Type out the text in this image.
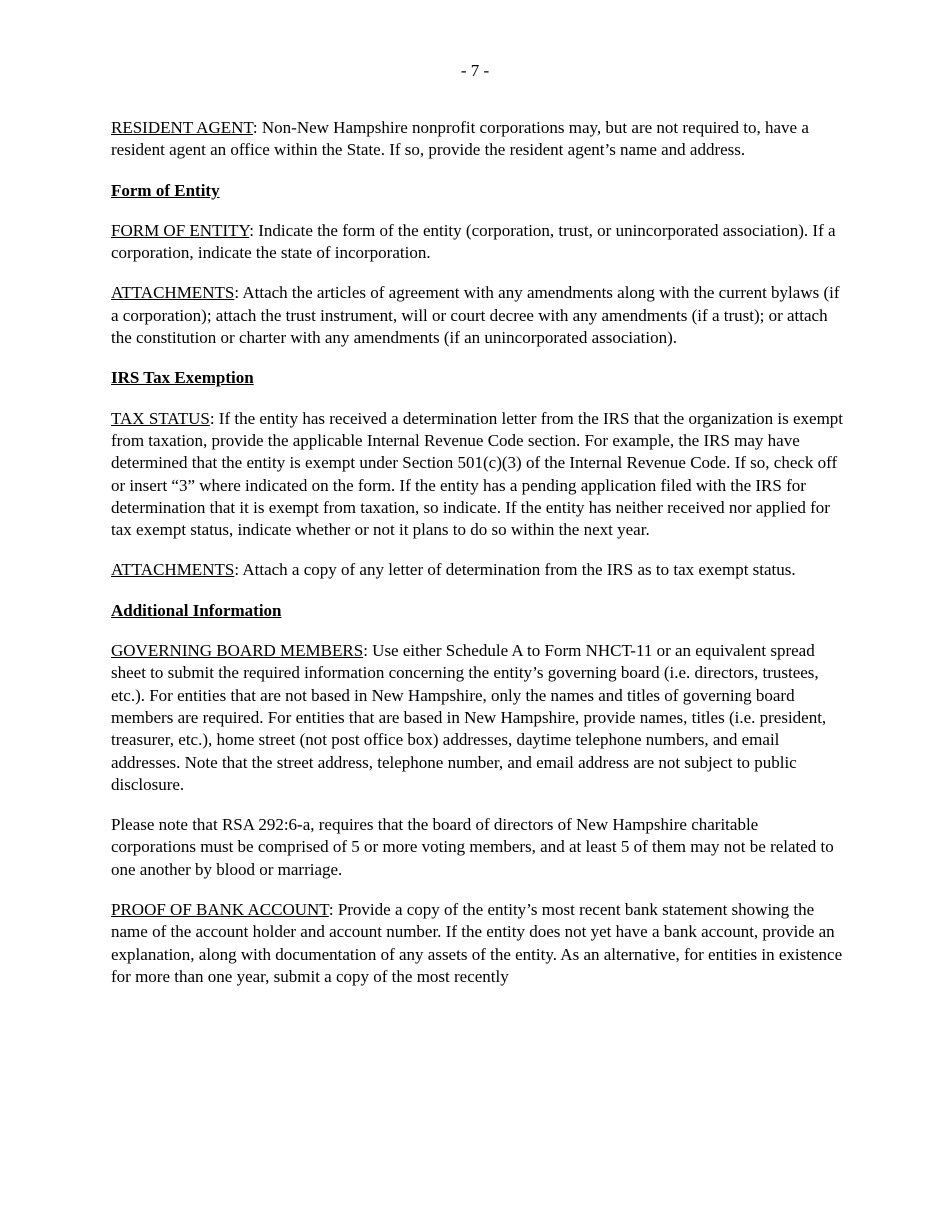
- 7 -

RESIDENT AGENT: Non-New Hampshire nonprofit corporations may, but are not required to, have a resident agent an office within the State. If so, provide the resident agent’s name and address.

Form of Entity

FORM OF ENTITY: Indicate the form of the entity (corporation, trust, or unincorporated association). If a corporation, indicate the state of incorporation.

ATTACHMENTS: Attach the articles of agreement with any amendments along with the current bylaws (if a corporation); attach the trust instrument, will or court decree with any amendments (if a trust); or attach the constitution or charter with any amendments (if an unincorporated association).

IRS Tax Exemption

TAX STATUS: If the entity has received a determination letter from the IRS that the organization is exempt from taxation, provide the applicable Internal Revenue Code section. For example, the IRS may have determined that the entity is exempt under Section 501(c)(3) of the Internal Revenue Code. If so, check off or insert “3” where indicated on the form. If the entity has a pending application filed with the IRS for determination that it is exempt from taxation, so indicate. If the entity has neither received nor applied for tax exempt status, indicate whether or not it plans to do so within the next year.

ATTACHMENTS: Attach a copy of any letter of determination from the IRS as to tax exempt status.

Additional Information

GOVERNING BOARD MEMBERS: Use either Schedule A to Form NHCT-11 or an equivalent spread sheet to submit the required information concerning the entity’s governing board (i.e. directors, trustees, etc.). For entities that are not based in New Hampshire, only the names and titles of governing board members are required. For entities that are based in New Hampshire, provide names, titles (i.e. president, treasurer, etc.), home street (not post office box) addresses, daytime telephone numbers, and email addresses. Note that the street address, telephone number, and email address are not subject to public disclosure.

Please note that RSA 292:6-a, requires that the board of directors of New Hampshire charitable corporations must be comprised of 5 or more voting members, and at least 5 of them may not be related to one another by blood or marriage.

PROOF OF BANK ACCOUNT: Provide a copy of the entity’s most recent bank statement showing the name of the account holder and account number. If the entity does not yet have a bank account, provide an explanation, along with documentation of any assets of the entity. As an alternative, for entities in existence for more than one year, submit a copy of the most recently
